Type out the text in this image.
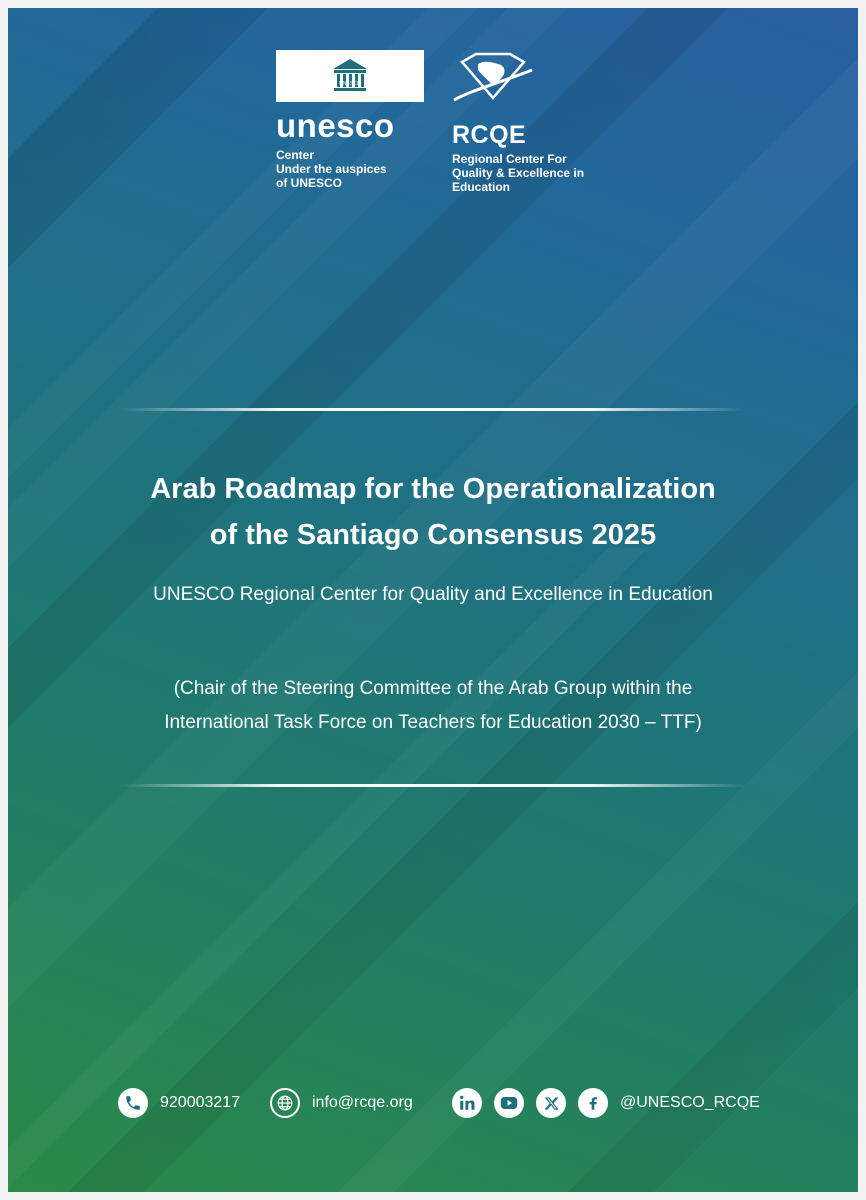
UNESCO
unesco
Center
Under the auspices
of UNESCO
RCQE
Regional Center For
Quality & Excellence in
Education
Arab Roadmap for the Operationalization
of the Santiago Consensus 2025
UNESCO Regional Center for Quality and Excellence in Education
(Chair of the Steering Committee of the Arab Group within the
International Task Force on Teachers for Education 2030 – TTF)
920003217	info@rcqe.org	@UNESCO_RCQE
